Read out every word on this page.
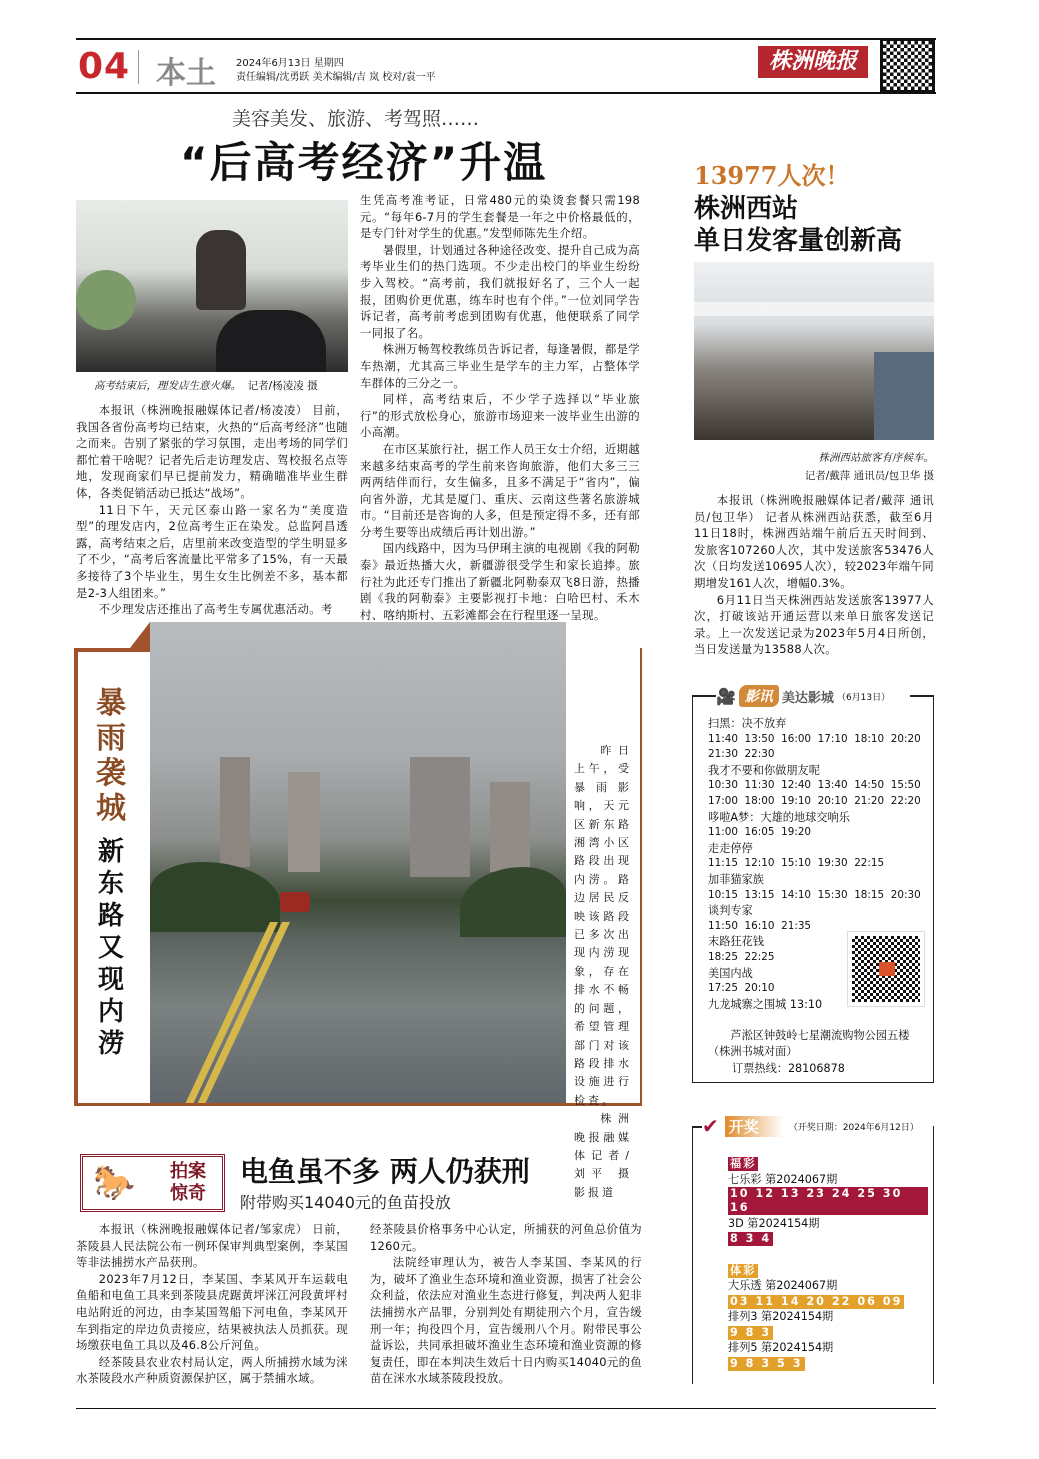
04 本土 2024年6月13日 星期四
责任编辑/沈勇跃 美术编辑/吉 岚 校对/袁一平
株洲晚报
美容美发、旅游、考驾照……
“后高考经济”升温
高考结束后，理发店生意火爆。 记者/杨凌凌 摄

本报讯（株洲晚报融媒体记者/杨凌凌） 目前，我国各省份高考均已结束，火热的“后高考经济”也随之而来。告别了紧张的学习氛围，走出考场的同学们都忙着干啥呢？记者先后走访理发店、驾校报名点等地，发现商家们早已提前发力，精确瞄准毕业生群体，各类促销活动已抵达“战场”。

11日下午，天元区泰山路一家名为“美度造型”的理发店内，2位高考生正在染发。总监阿昌透露，高考结束之后，店里前来改变造型的学生明显多了不少，“高考后客流量比平常多了15%，有一天最多接待了3个毕业生，男生女生比例差不多，基本都是2-3人组团来。”

不少理发店还推出了高考生专属优惠活动。考

生凭高考准考证，日常480元的染烫套餐只需198元。“每年6-7月的学生套餐是一年之中价格最低的，是专门针对学生的优惠。”发型师陈先生介绍。

暑假里，计划通过各种途径改变、提升自己成为高考毕业生们的热门选项。不少走出校门的毕业生纷纷步入驾校。“高考前，我们就报好名了，三个人一起报，团购价更优惠，练车时也有个伴。”一位刘同学告诉记者，高考前考虑到团购有优惠，他便联系了同学一同报了名。

株洲万畅驾校教练员告诉记者，每逢暑假，都是学车热潮，尤其高三毕业生是学车的主力军，占整体学车群体的三分之一。

同样，高考结束后，不少学子选择以“毕业旅行”的形式放松身心，旅游市场迎来一波毕业生出游的小高潮。

在市区某旅行社，据工作人员王女士介绍，近期越来越多结束高考的学生前来咨询旅游，他们大多三三两两结伴而行，女生偏多，且多不满足于“省内”，偏向省外游，尤其是厦门、重庆、云南这些著名旅游城市。“目前还是咨询的人多，但是预定得不多，还有部分考生要等出成绩后再计划出游。”

国内线路中，因为马伊琍主演的电视剧《我的阿勒泰》最近热播大火，新疆游很受学生和家长追捧。旅行社为此还专门推出了新疆北阿勒泰双飞8日游，热播剧《我的阿勒泰》主要影视打卡地：白哈巴村、禾木村、喀纳斯村、五彩滩都会在行程里逐一呈现。

13977人次！
株洲西站
单日发客量创新高
株洲西站旅客有序候车。
记者/戴萍 通讯员/包卫华 摄

本报讯（株洲晚报融媒体记者/戴萍 通讯员/包卫华） 记者从株洲西站获悉，截至6月11日18时，株洲西站端午前后五天时间到、发旅客107260人次，其中发送旅客53476人次（日均发送10695人次），较2023年端午同期增发161人次，增幅0.3%。

6月11日当天株洲西站发送旅客13977人次，打破该站开通运营以来单日旅客发送记录。上一次发送记录为2023年5月4日所创，当日发送量为13588人次。

暴雨袭城
新东路又现内涝

昨日上午，受暴雨影响，天元区新东路湘湾小区路段出现内涝。路边居民反映该路段已多次出现内涝现象，存在排水不畅的问题，希望管理部门对该路段排水设施进行检查。

株洲晚报融媒体记者/刘平 摄影报道

🎥 影讯 美达影城 （6月13日）
扫黑：决不放弃
11:40  13:50  16:00  17:10  18:10  20:20
21:30  22:30
我才不要和你做朋友呢
10:30  11:30  12:40  13:40  14:50  15:50
17:00  18:00  19:10  20:10  21:20  22:20
哆啦A梦：大雄的地球交响乐
11:00  16:05  19:20
走走停停
11:15  12:10  15:10  19:30  22:15
加菲猫家族
10:15  13:15  14:10  15:30  18:15  20:30
谈判专家
11:50  16:10  21:35
末路狂花钱
18:25  22:25
美国内战
17:25  20:10
九龙城寨之围城 13:10
芦淞区钟鼓岭七星潮流购物公园五楼（株洲书城对面）
订票热线：28106878
✔ 开奖	（开奖日期：2024年6月12日）
福彩
七乐彩 第2024067期
10 12 13 23 24 25 30 16
3D 第2024154期
8 3 4
体彩
大乐透 第2024067期
03 11 14 20 22 06 09
排列3 第2024154期
9 8 3
排列5 第2024154期
9 8 3 5 3
🐎 拍案惊奇
电鱼虽不多 两人仍获刑
附带购买14040元的鱼苗投放

本报讯（株洲晚报融媒体记者/邹家虎） 日前，茶陵县人民法院公布一例环保审判典型案例，李某国等非法捕捞水产品获刑。

2023年7月12日，李某国、李某风开车运载电鱼船和电鱼工具来到茶陵县虎踞黄坪洣江河段黄坪村电站附近的河边，由李某国驾船下河电鱼，李某风开车到指定的岸边负责接应，结果被执法人员抓获。现场缴获电鱼工具以及46.8公斤河鱼。

经茶陵县农业农村局认定，两人所捕捞水域为洣水茶陵段水产种质资源保护区，属于禁捕水域。

经茶陵县价格事务中心认定，所捕获的河鱼总价值为1260元。

法院经审理认为，被告人李某国、李某风的行为，破坏了渔业生态环境和渔业资源，损害了社会公众利益，依法应对渔业生态进行修复，判决两人犯非法捕捞水产品罪，分别判处有期徒刑六个月，宣告缓刑一年；拘役四个月，宣告缓刑八个月。附带民事公益诉讼，共同承担破坏渔业生态环境和渔业资源的修复责任，即在本判决生效后十日内购买14040元的鱼苗在洣水水域茶陵段投放。
